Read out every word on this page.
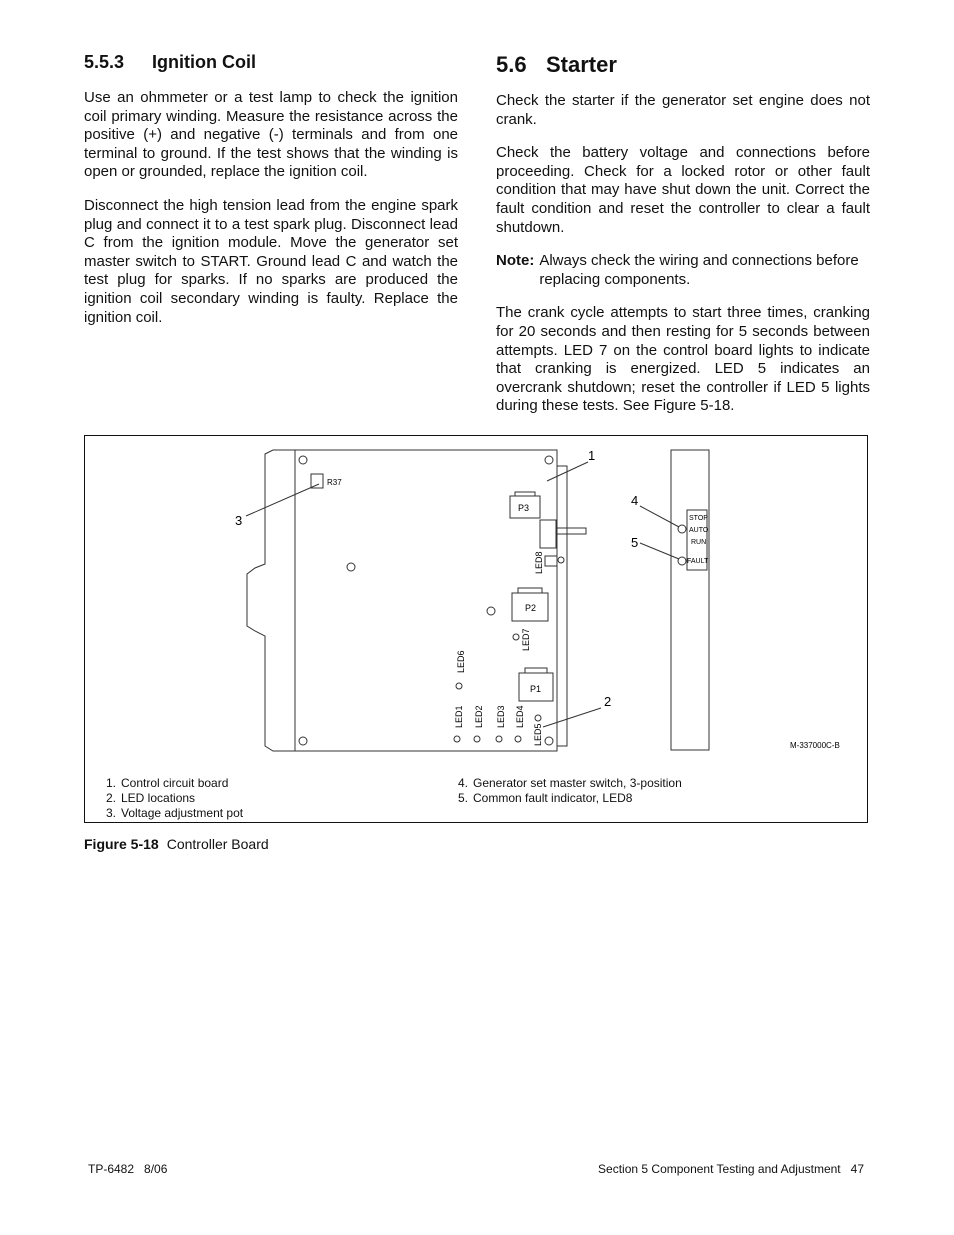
5.5.3 Ignition Coil

Use an ohmmeter or a test lamp to check the ignition coil primary winding. Measure the resistance across the positive (+) and negative (-) terminals and from one terminal to ground. If the test shows that the winding is open or grounded, replace the ignition coil.

Disconnect the high tension lead from the engine spark plug and connect it to a test spark plug. Disconnect lead C from the ignition module. Move the generator set master switch to START. Ground lead C and watch the test plug for sparks. If no sparks are produced the ignition coil secondary winding is faulty. Replace the ignition coil.

5.6 Starter

Check the starter if the generator set engine does not crank.

Check the battery voltage and connections before proceeding. Check for a locked rotor or other fault condition that may have shut down the unit. Correct the fault condition and reset the controller to clear a fault shutdown.

Note: Always check the wiring and connections before replacing components.

The crank cycle attempts to start three times, cranking for 20 seconds and then resting for 5 seconds between attempts. LED 7 on the control board lights to indicate that cranking is energized. LED 5 indicates an overcrank shutdown; reset the controller if LED 5 lights during these tests. See Figure 5-18.

R37
P3
LED8
P2
LED7
P1
LED6
LED1 LED2 LED3 LED4
LED5
STOP
AUTO
RUN
FAULT
1
2
3
4
5
M-337000C-B
1. Control circuit board
2. LED locations
3. Voltage adjustment pot
4. Generator set master switch, 3-position
5. Common fault indicator, LED8
Figure 5-18 Controller Board
TP-6482 8/06	Section 5 Component Testing and Adjustment 47
